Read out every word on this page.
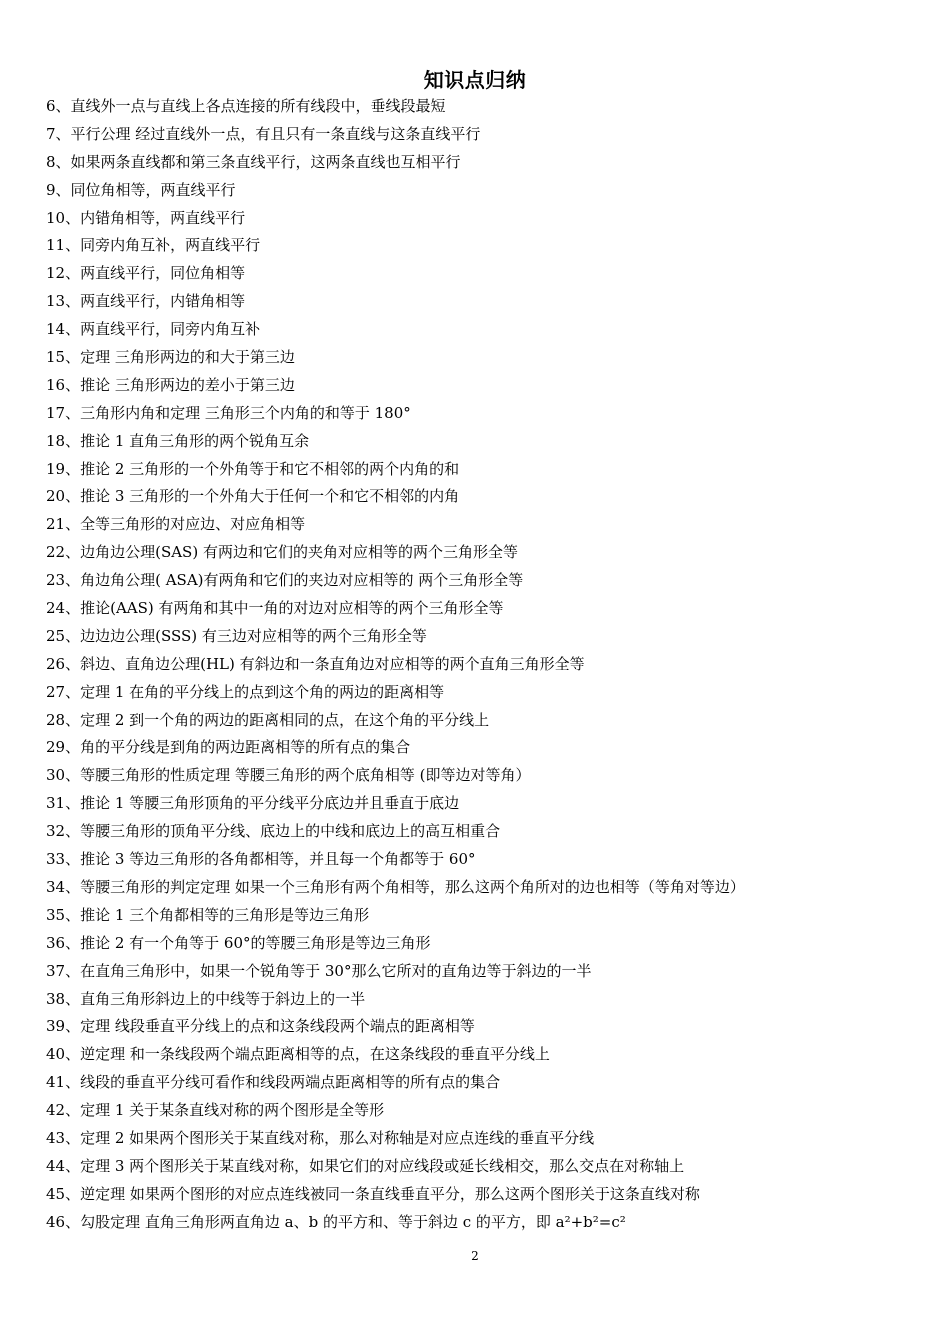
知识点归纳
6、直线外一点与直线上各点连接的所有线段中，垂线段最短
7、平行公理 经过直线外一点，有且只有一条直线与这条直线平行
8、如果两条直线都和第三条直线平行，这两条直线也互相平行
9、同位角相等，两直线平行
10、内错角相等，两直线平行
11、同旁内角互补，两直线平行
12、两直线平行，同位角相等
13、两直线平行，内错角相等
14、两直线平行，同旁内角互补
15、定理 三角形两边的和大于第三边
16、推论 三角形两边的差小于第三边
17、三角形内角和定理 三角形三个内角的和等于 180°
18、推论 1 直角三角形的两个锐角互余
19、推论 2 三角形的一个外角等于和它不相邻的两个内角的和
20、推论 3 三角形的一个外角大于任何一个和它不相邻的内角
21、全等三角形的对应边、对应角相等
22、边角边公理(SAS) 有两边和它们的夹角对应相等的两个三角形全等
23、角边角公理( ASA)有两角和它们的夹边对应相等的 两个三角形全等
24、推论(AAS) 有两角和其中一角的对边对应相等的两个三角形全等
25、边边边公理(SSS) 有三边对应相等的两个三角形全等
26、斜边、直角边公理(HL) 有斜边和一条直角边对应相等的两个直角三角形全等
27、定理 1 在角的平分线上的点到这个角的两边的距离相等
28、定理 2 到一个角的两边的距离相同的点，在这个角的平分线上
29、角的平分线是到角的两边距离相等的所有点的集合
30、等腰三角形的性质定理 等腰三角形的两个底角相等 (即等边对等角）
31、推论 1 等腰三角形顶角的平分线平分底边并且垂直于底边
32、等腰三角形的顶角平分线、底边上的中线和底边上的高互相重合
33、推论 3 等边三角形的各角都相等，并且每一个角都等于 60°
34、等腰三角形的判定定理 如果一个三角形有两个角相等，那么这两个角所对的边也相等（等角对等边）
35、推论 1 三个角都相等的三角形是等边三角形
36、推论 2 有一个角等于 60°的等腰三角形是等边三角形
37、在直角三角形中，如果一个锐角等于 30°那么它所对的直角边等于斜边的一半
38、直角三角形斜边上的中线等于斜边上的一半
39、定理 线段垂直平分线上的点和这条线段两个端点的距离相等
40、逆定理 和一条线段两个端点距离相等的点，在这条线段的垂直平分线上
41、线段的垂直平分线可看作和线段两端点距离相等的所有点的集合
42、定理 1 关于某条直线对称的两个图形是全等形
43、定理 2 如果两个图形关于某直线对称，那么对称轴是对应点连线的垂直平分线
44、定理 3 两个图形关于某直线对称，如果它们的对应线段或延长线相交，那么交点在对称轴上
45、逆定理 如果两个图形的对应点连线被同一条直线垂直平分，那么这两个图形关于这条直线对称
46、勾股定理 直角三角形两直角边 a、b 的平方和、等于斜边 c 的平方，即 a²+b²=c²
2
